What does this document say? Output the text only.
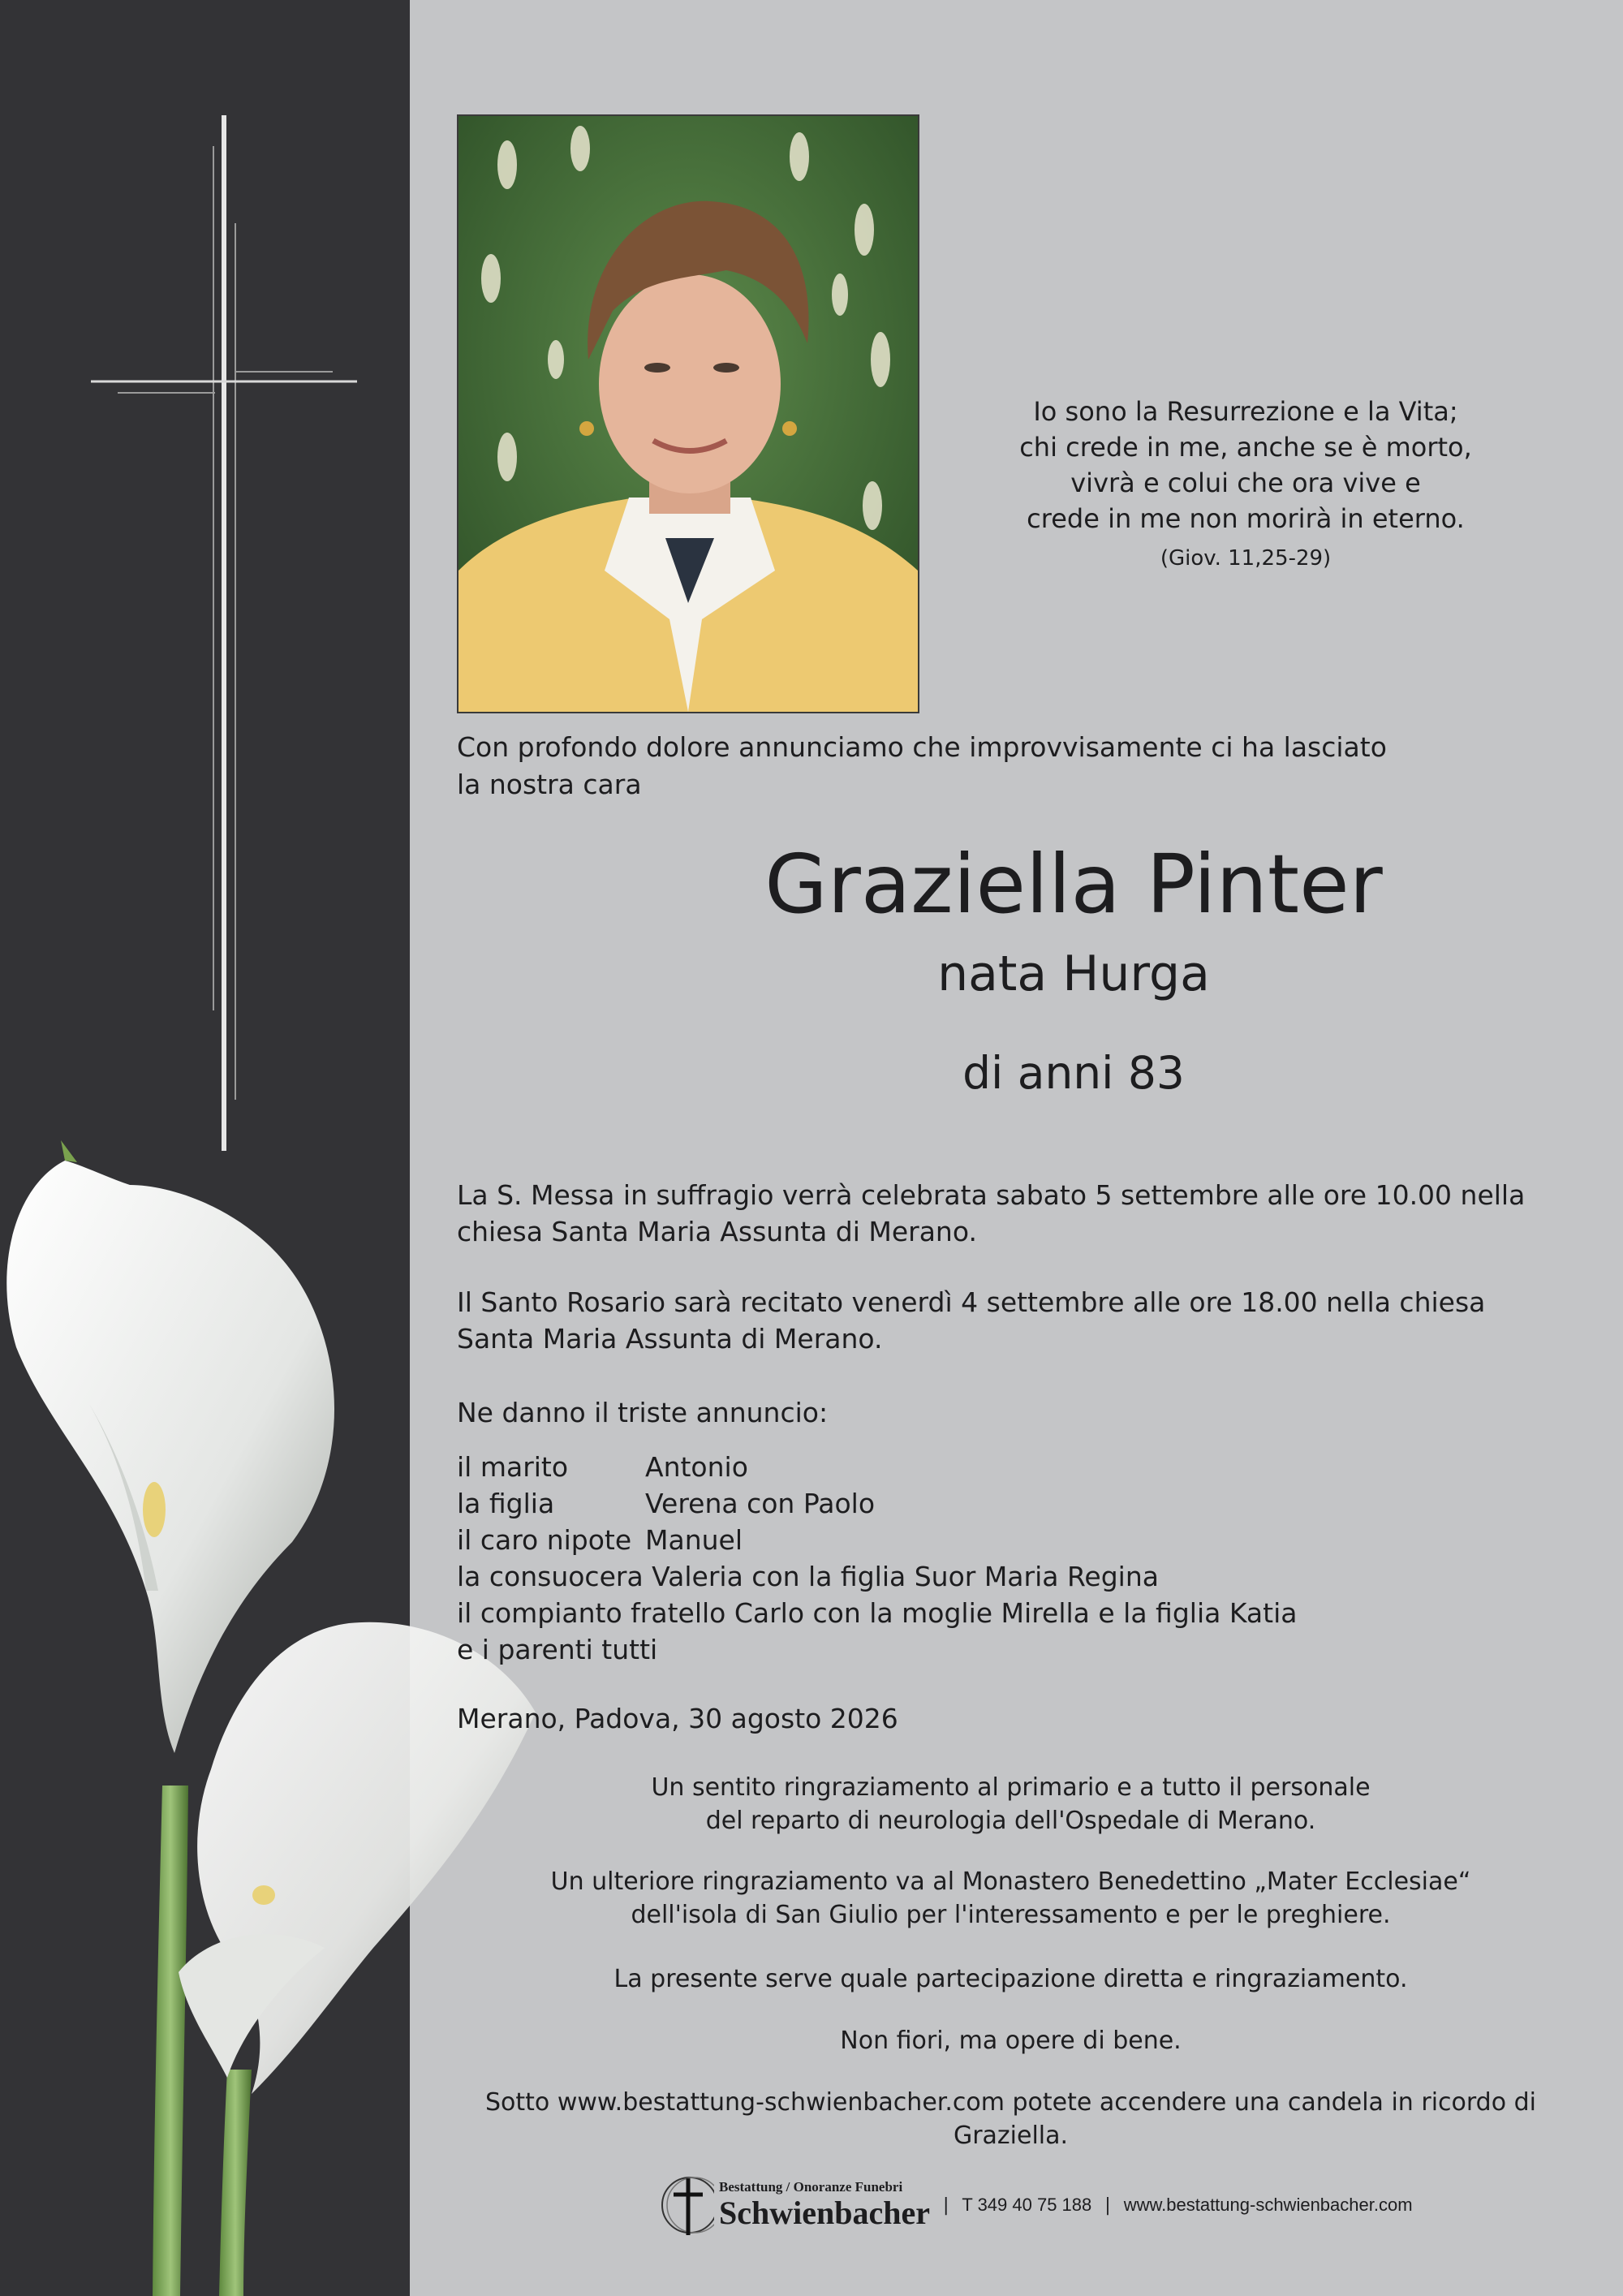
Io sono la Resurrezione e la Vita;
chi crede in me, anche se è morto,
vivrà e colui che ora vive e
crede in me non morirà in eterno.
(Giov. 11,25-29)
Con profondo dolore annunciamo che improvvisamente ci ha lasciato
la nostra cara
Graziella Pinter
nata Hurga
di anni 83
La S. Messa in suffragio verrà celebrata sabato 5 settembre alle ore 10.00 nella
chiesa Santa Maria Assunta di Merano.
Il Santo Rosario sarà recitato venerdì 4 settembre alle ore 18.00 nella chiesa
Santa Maria Assunta di Merano.
Ne danno il triste annuncio:
il marito	Antonio
la figlia	Verena con Paolo
il caro nipote Manuel
la consuocera Valeria con la figlia Suor Maria Regina
il compianto fratello Carlo con la moglie Mirella e la figlia Katia
e i parenti tutti
Merano, Padova, 30 agosto 2026
Un sentito ringraziamento al primario e a tutto il personale
del reparto di neurologia dell'Ospedale di Merano.
Un ulteriore ringraziamento va al Monastero Benedettino „Mater Ecclesiae“
dell'isola di San Giulio per l'interessamento e per le preghiere.
La presente serve quale partecipazione diretta e ringraziamento.
Non fiori, ma opere di bene.
Sotto www.bestattung-schwienbacher.com potete accendere una candela in ricordo di Graziella.
Bestattung / Onoranze Funebri
Schwienbacher | T 349 40 75 188 | www.bestattung-schwienbacher.com
